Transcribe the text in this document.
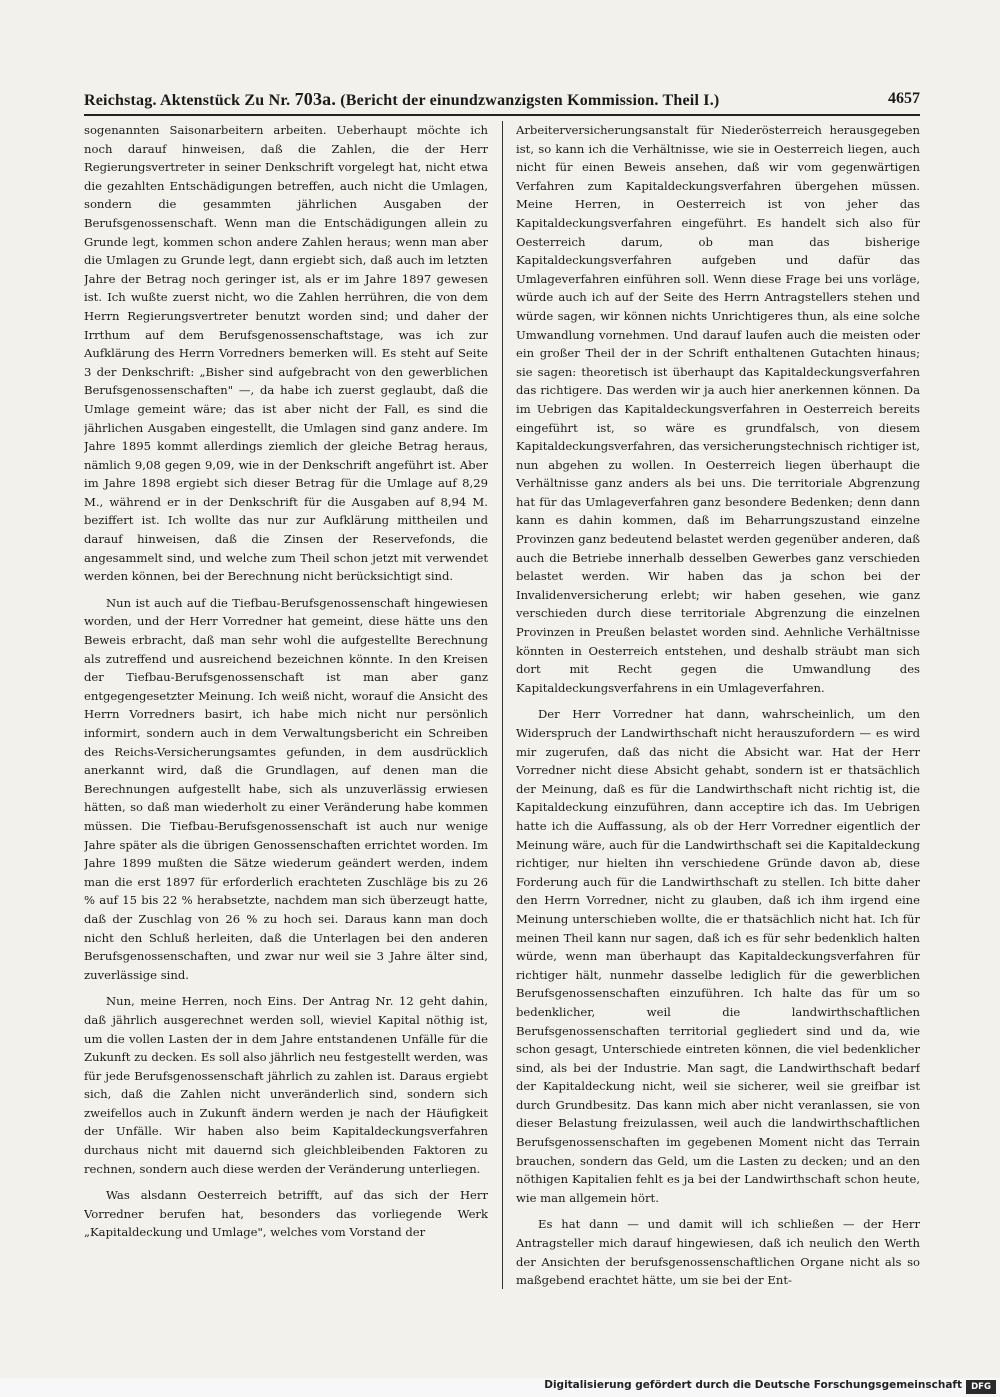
Reichstag. Aktenstück Zu Nr. 703a. (Bericht der einundzwanzigsten Kommission. Theil I.)	4657

sogenannten Saisonarbeitern arbeiten. Ueberhaupt möchte ich noch darauf hinweisen, daß die Zahlen, die der Herr Regierungsvertreter in seiner Denkschrift vorgelegt hat, nicht etwa die gezahlten Entschädigungen betreffen, auch nicht die Umlagen, sondern die gesammten jährlichen Ausgaben der Berufsgenossenschaft. Wenn man die Entschädigungen allein zu Grunde legt, kommen schon andere Zahlen heraus; wenn man aber die Umlagen zu Grunde legt, dann ergiebt sich, daß auch im letzten Jahre der Betrag noch geringer ist, als er im Jahre 1897 gewesen ist. Ich wußte zuerst nicht, wo die Zahlen herrühren, die von dem Herrn Regierungsvertreter benutzt worden sind; und daher der Irrthum auf dem Berufsgenossenschaftstage, was ich zur Aufklärung des Herrn Vorredners bemerken will. Es steht auf Seite 3 der Denkschrift: „Bisher sind aufgebracht von den gewerblichen Berufsgenossenschaften" —, da habe ich zuerst geglaubt, daß die Umlage gemeint wäre; das ist aber nicht der Fall, es sind die jährlichen Ausgaben eingestellt, die Umlagen sind ganz andere. Im Jahre 1895 kommt allerdings ziemlich der gleiche Betrag heraus, nämlich 9,08 gegen 9,09, wie in der Denkschrift angeführt ist. Aber im Jahre 1898 ergiebt sich dieser Betrag für die Umlage auf 8,29 M., während er in der Denkschrift für die Ausgaben auf 8,94 M. beziffert ist. Ich wollte das nur zur Aufklärung mittheilen und darauf hinweisen, daß die Zinsen der Reservefonds, die angesammelt sind, und welche zum Theil schon jetzt mit verwendet werden können, bei der Berechnung nicht berücksichtigt sind.

Nun ist auch auf die Tiefbau-Berufsgenossenschaft hingewiesen worden, und der Herr Vorredner hat gemeint, diese hätte uns den Beweis erbracht, daß man sehr wohl die aufgestellte Berechnung als zutreffend und ausreichend bezeichnen könnte. In den Kreisen der Tiefbau-Berufsgenossenschaft ist man aber ganz entgegengesetzter Meinung. Ich weiß nicht, worauf die Ansicht des Herrn Vorredners basirt, ich habe mich nicht nur persönlich informirt, sondern auch in dem Verwaltungsbericht ein Schreiben des Reichs-Versicherungsamtes gefunden, in dem ausdrücklich anerkannt wird, daß die Grundlagen, auf denen man die Berechnungen aufgestellt habe, sich als unzuverlässig erwiesen hätten, so daß man wiederholt zu einer Veränderung habe kommen müssen. Die Tiefbau-Berufsgenossenschaft ist auch nur wenige Jahre später als die übrigen Genossenschaften errichtet worden. Im Jahre 1899 mußten die Sätze wiederum geändert werden, indem man die erst 1897 für erforderlich erachteten Zuschläge bis zu 26 % auf 15 bis 22 % herabsetzte, nachdem man sich überzeugt hatte, daß der Zuschlag von 26 % zu hoch sei. Daraus kann man doch nicht den Schluß herleiten, daß die Unterlagen bei den anderen Berufsgenossenschaften, und zwar nur weil sie 3 Jahre älter sind, zuverlässige sind.

Nun, meine Herren, noch Eins. Der Antrag Nr. 12 geht dahin, daß jährlich ausgerechnet werden soll, wieviel Kapital nöthig ist, um die vollen Lasten der in dem Jahre entstandenen Unfälle für die Zukunft zu decken. Es soll also jährlich neu festgestellt werden, was für jede Berufsgenossenschaft jährlich zu zahlen ist. Daraus ergiebt sich, daß die Zahlen nicht unveränderlich sind, sondern sich zweifellos auch in Zukunft ändern werden je nach der Häufigkeit der Unfälle. Wir haben also beim Kapitaldeckungsverfahren durchaus nicht mit dauernd sich gleichbleibenden Faktoren zu rechnen, sondern auch diese werden der Veränderung unterliegen.

Was alsdann Oesterreich betrifft, auf das sich der Herr Vorredner berufen hat, besonders das vorliegende Werk „Kapitaldeckung und Umlage", welches vom Vorstand der

Arbeiterversicherungsanstalt für Niederösterreich herausgegeben ist, so kann ich die Verhältnisse, wie sie in Oesterreich liegen, auch nicht für einen Beweis ansehen, daß wir vom gegenwärtigen Verfahren zum Kapitaldeckungsverfahren übergehen müssen. Meine Herren, in Oesterreich ist von jeher das Kapitaldeckungsverfahren eingeführt. Es handelt sich also für Oesterreich darum, ob man das bisherige Kapitaldeckungsverfahren aufgeben und dafür das Umlageverfahren einführen soll. Wenn diese Frage bei uns vorläge, würde auch ich auf der Seite des Herrn Antragstellers stehen und würde sagen, wir können nichts Unrichtigeres thun, als eine solche Umwandlung vornehmen. Und darauf laufen auch die meisten oder ein großer Theil der in der Schrift enthaltenen Gutachten hinaus; sie sagen: theoretisch ist überhaupt das Kapitaldeckungsverfahren das richtigere. Das werden wir ja auch hier anerkennen können. Da im Uebrigen das Kapitaldeckungsverfahren in Oesterreich bereits eingeführt ist, so wäre es grundfalsch, von diesem Kapitaldeckungsverfahren, das versicherungstechnisch richtiger ist, nun abgehen zu wollen. In Oesterreich liegen überhaupt die Verhältnisse ganz anders als bei uns. Die territoriale Abgrenzung hat für das Umlageverfahren ganz besondere Bedenken; denn dann kann es dahin kommen, daß im Beharrungszustand einzelne Provinzen ganz bedeutend belastet werden gegenüber anderen, daß auch die Betriebe innerhalb desselben Gewerbes ganz verschieden belastet werden. Wir haben das ja schon bei der Invalidenversicherung erlebt; wir haben gesehen, wie ganz verschieden durch diese territoriale Abgrenzung die einzelnen Provinzen in Preußen belastet worden sind. Aehnliche Verhältnisse könnten in Oesterreich entstehen, und deshalb sträubt man sich dort mit Recht gegen die Umwandlung des Kapitaldeckungsverfahrens in ein Umlageverfahren.

Der Herr Vorredner hat dann, wahrscheinlich, um den Widerspruch der Landwirthschaft nicht herauszufordern — es wird mir zugerufen, daß das nicht die Absicht war. Hat der Herr Vorredner nicht diese Absicht gehabt, sondern ist er thatsächlich der Meinung, daß es für die Landwirthschaft nicht richtig ist, die Kapitaldeckung einzuführen, dann acceptire ich das. Im Uebrigen hatte ich die Auffassung, als ob der Herr Vorredner eigentlich der Meinung wäre, auch für die Landwirthschaft sei die Kapitaldeckung richtiger, nur hielten ihn verschiedene Gründe davon ab, diese Forderung auch für die Landwirthschaft zu stellen. Ich bitte daher den Herrn Vorredner, nicht zu glauben, daß ich ihm irgend eine Meinung unterschieben wollte, die er thatsächlich nicht hat. Ich für meinen Theil kann nur sagen, daß ich es für sehr bedenklich halten würde, wenn man überhaupt das Kapitaldeckungsverfahren für richtiger hält, nunmehr dasselbe lediglich für die gewerblichen Berufsgenossenschaften einzuführen. Ich halte das für um so bedenklicher, weil die landwirthschaftlichen Berufsgenossenschaften territorial gegliedert sind und da, wie schon gesagt, Unterschiede eintreten können, die viel bedenklicher sind, als bei der Industrie. Man sagt, die Landwirthschaft bedarf der Kapitaldeckung nicht, weil sie sicherer, weil sie greifbar ist durch Grundbesitz. Das kann mich aber nicht veranlassen, sie von dieser Belastung freizulassen, weil auch die landwirthschaftlichen Berufsgenossenschaften im gegebenen Moment nicht das Terrain brauchen, sondern das Geld, um die Lasten zu decken; und an den nöthigen Kapitalien fehlt es ja bei der Landwirthschaft schon heute, wie man allgemein hört.

Es hat dann — und damit will ich schließen — der Herr Antragsteller mich darauf hingewiesen, daß ich neulich den Werth der Ansichten der berufsgenossenschaftlichen Organe nicht als so maßgebend erachtet hätte, um sie bei der Ent-

Digitalisierung gefördert durch die Deutsche Forschungsgemeinschaft	DFG
